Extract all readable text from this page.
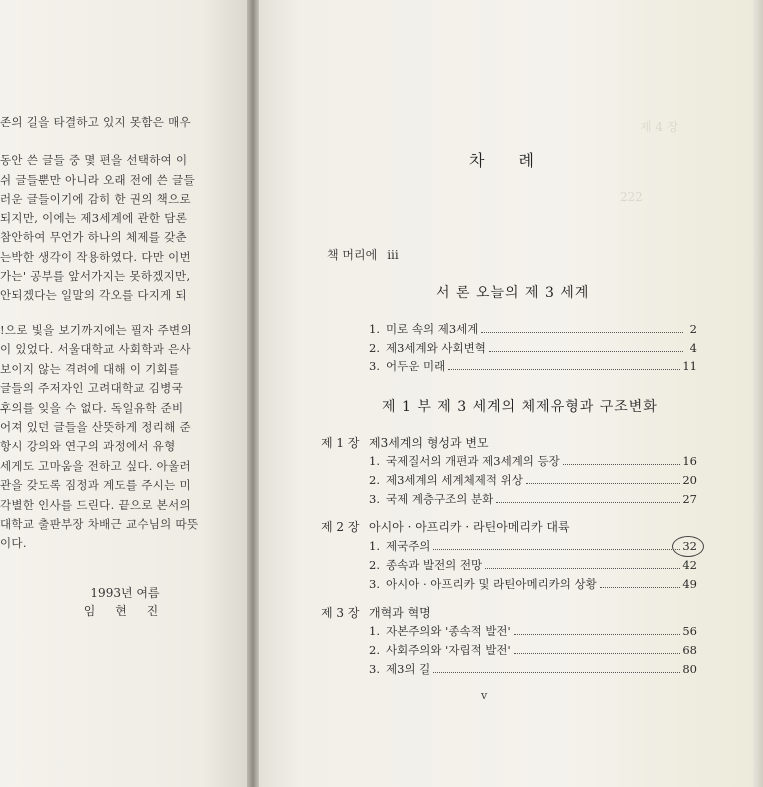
제 4 장
222
존의 길을 타결하고 있지 못함은 매우
동안 쓴 글들 중 몇 편을 선택하여 이
쉬 글들뿐만 아니라 오래 전에 쓴 글들
러운 글들이기에 감히 한 권의 책으로
되지만, 이에는 제3세계에 관한 담론
참안하여 무언가 하나의 체제를 갖춘
는박한 생각이 작용하였다. 다만 이번
가는' 공부를 앞서가지는 못하겠지만,
안되겠다는 일말의 각오를 다지게 되
!으로 빛을 보기까지에는 필자 주변의
이 있었다. 서울대학교 사회학과 은사
보이지 않는 격려에 대해 이 기회를
글들의 주저자인 고려대학교 김병국
후의를 잊을 수 없다. 독일유학 준비
어져 있던 글들을 산뜻하게 정리해 준
항시 강의와 연구의 과정에서 유형
세게도 고마움을 전하고 싶다. 아울러
관을 갖도록 짐정과 계도를 주시는 미
각별한 인사를 드린다. 끝으로 본서의
대학교 출판부장 차배근 교수님의 따뜻
이다.
1993년 여름
임 현 진
차례
책 머리에 iii
서 론 오늘의 제 3 세계
1. 미로 속의 제3세계	2
2. 제3세계와 사회변혁	4
3. 어두운 미래	11
제 1 부 제 3 세계의 체제유형과 구조변화
제 1 장 제3세계의 형성과 변모
1. 국제질서의 개편과 제3세계의 등장	16
2. 제3세계의 세계체제적 위상	20
3. 국제 계층구조의 분화	27
제 2 장 아시아 · 아프리카 · 라틴아메리카 대륙
1. 제국주의	32
2. 종속과 발전의 전망	42
3. 아시아 · 아프리카 및 라틴아메리카의 상황	49
제 3 장 개혁과 혁명
1. 자본주의와 '종속적 발전'	56
2. 사회주의와 '자립적 발전'	68
3. 제3의 길	80
v
